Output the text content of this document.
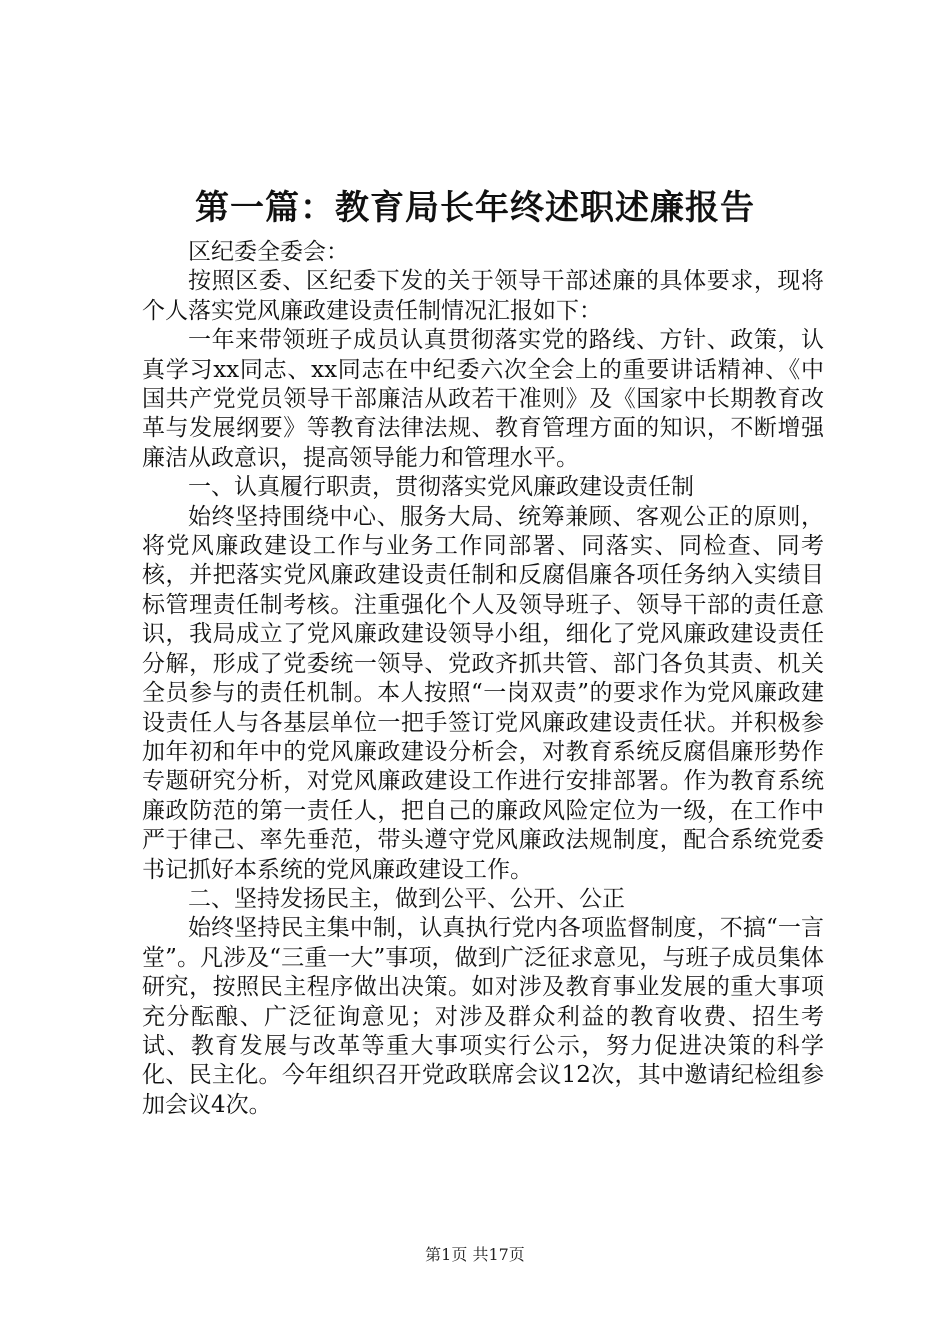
第一篇：教育局长年终述职述廉报告

区纪委全委会：

按照区委、区纪委下发的关于领导干部述廉的具体要求，现将个人落实党风廉政建设责任制情况汇报如下：

一年来带领班子成员认真贯彻落实党的路线、方针、政策，认真学习xx同志、xx同志在中纪委六次全会上的重要讲话精神、《中国共产党党员领导干部廉洁从政若干准则》及《国家中长期教育改革与发展纲要》等教育法律法规、教育管理方面的知识，不断增强廉洁从政意识，提高领导能力和管理水平。

一、认真履行职责，贯彻落实党风廉政建设责任制

始终坚持围绕中心、服务大局、统筹兼顾、客观公正的原则，将党风廉政建设工作与业务工作同部署、同落实、同检查、同考核，并把落实党风廉政建设责任制和反腐倡廉各项任务纳入实绩目标管理责任制考核。注重强化个人及领导班子、领导干部的责任意识，我局成立了党风廉政建设领导小组，细化了党风廉政建设责任分解，形成了党委统一领导、党政齐抓共管、部门各负其责、机关全员参与的责任机制。本人按照“一岗双责”的要求作为党风廉政建设责任人与各基层单位一把手签订党风廉政建设责任状。并积极参加年初和年中的党风廉政建设分析会，对教育系统反腐倡廉形势作专题研究分析，对党风廉政建设工作进行安排部署。作为教育系统廉政防范的第一责任人，把自己的廉政风险定位为一级，在工作中严于律己、率先垂范，带头遵守党风廉政法规制度，配合系统党委书记抓好本系统的党风廉政建设工作。

二、坚持发扬民主，做到公平、公开、公正

始终坚持民主集中制，认真执行党内各项监督制度，不搞“一言堂”。凡涉及“三重一大”事项，做到广泛征求意见，与班子成员集体研究，按照民主程序做出决策。如对涉及教育事业发展的重大事项充分酝酿、广泛征询意见；对涉及群众利益的教育收费、招生考试、教育发展与改革等重大事项实行公示，努力促进决策的科学化、民主化。今年组织召开党政联席会议12次，其中邀请纪检组参加会议4次。

第1页 共17页
